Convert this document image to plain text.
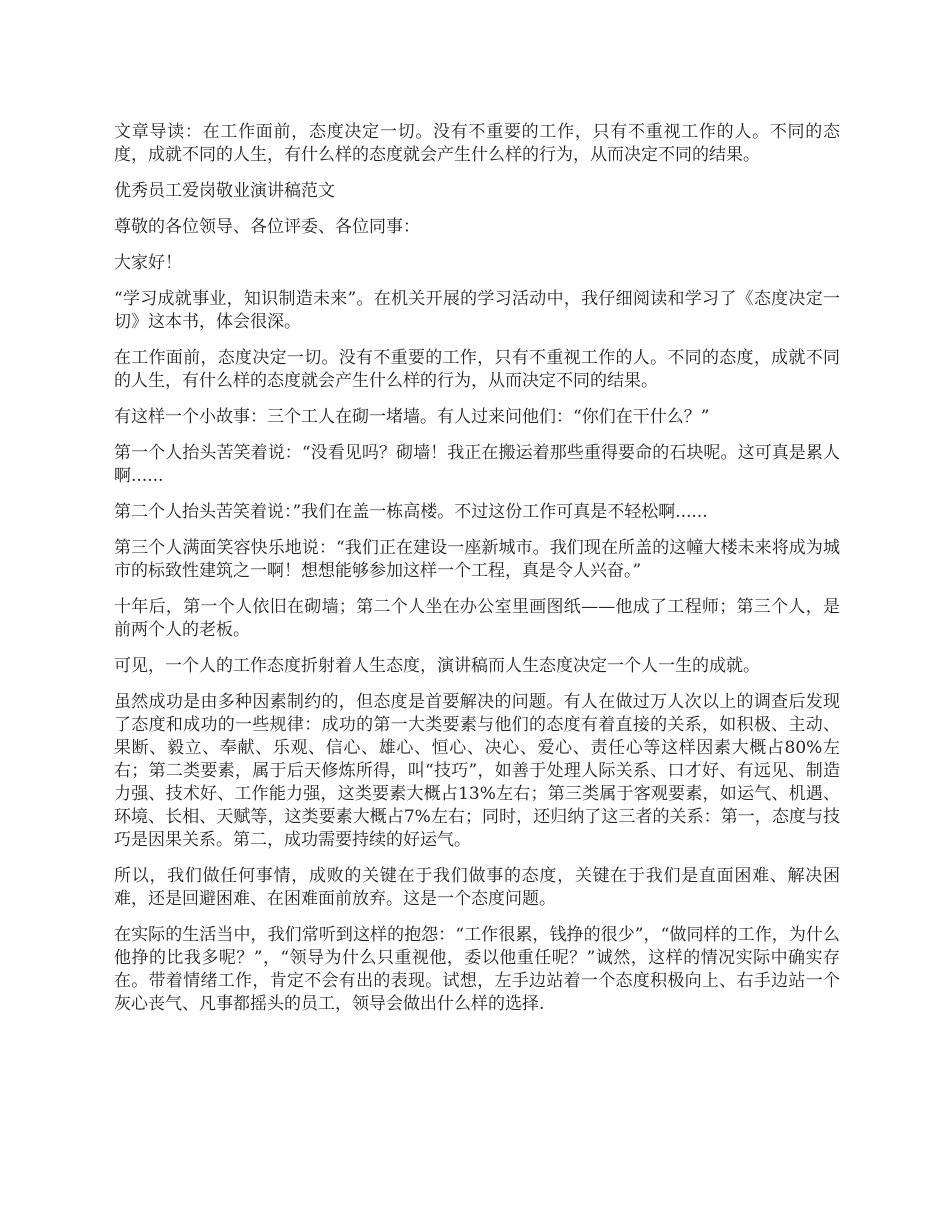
文章导读：在工作面前，态度决定一切。没有不重要的工作，只有不重视工作的人。不同的态度，成就不同的人生，有什么样的态度就会产生什么样的行为，从而决定不同的结果。

优秀员工爱岗敬业演讲稿范文

尊敬的各位领导、各位评委、各位同事：

大家好！

“学习成就事业，知识制造未来”。在机关开展的学习活动中，我仔细阅读和学习了《态度决定一切》这本书，体会很深。

在工作面前，态度决定一切。没有不重要的工作，只有不重视工作的人。不同的态度，成就不同的人生，有什么样的态度就会产生什么样的行为，从而决定不同的结果。

有这样一个小故事：三个工人在砌一堵墙。有人过来问他们：“你们在干什么？”

第一个人抬头苦笑着说：“没看见吗？砌墙！我正在搬运着那些重得要命的石块呢。这可真是累人啊......

第二个人抬头苦笑着说：”我们在盖一栋高楼。不过这份工作可真是不轻松啊......

第三个人满面笑容快乐地说：“我们正在建设一座新城市。我们现在所盖的这幢大楼未来将成为城市的标致性建筑之一啊！想想能够参加这样一个工程，真是令人兴奋。”

十年后，第一个人依旧在砌墙；第二个人坐在办公室里画图纸——他成了工程师；第三个人，是前两个人的老板。

可见，一个人的工作态度折射着人生态度，演讲稿而人生态度决定一个人一生的成就。

虽然成功是由多种因素制约的，但态度是首要解决的问题。有人在做过万人次以上的调查后发现了态度和成功的一些规律：成功的第一大类要素与他们的态度有着直接的关系，如积极、主动、果断、毅立、奉献、乐观、信心、雄心、恒心、决心、爱心、责任心等这样因素大概占80%左右；第二类要素，属于后天修炼所得，叫“技巧”，如善于处理人际关系、口才好、有远见、制造力强、技术好、工作能力强，这类要素大概占13%左右；第三类属于客观要素，如运气、机遇、环境、长相、天赋等，这类要素大概占7%左右；同时，还归纳了这三者的关系：第一，态度与技巧是因果关系。第二，成功需要持续的好运气。

所以，我们做任何事情，成败的关键在于我们做事的态度，关键在于我们是直面困难、解决困难，还是回避困难、在困难面前放弃。这是一个态度问题。

在实际的生活当中，我们常听到这样的抱怨：“工作很累，钱挣的很少”，“做同样的工作，为什么他挣的比我多呢？”，“领导为什么只重视他，委以他重任呢？”诚然，这样的情况实际中确实存在。带着情绪工作，肯定不会有出的表现。试想，左手边站着一个态度积极向上、右手边站一个灰心丧气、凡事都摇头的员工，领导会做出什么样的选择.
